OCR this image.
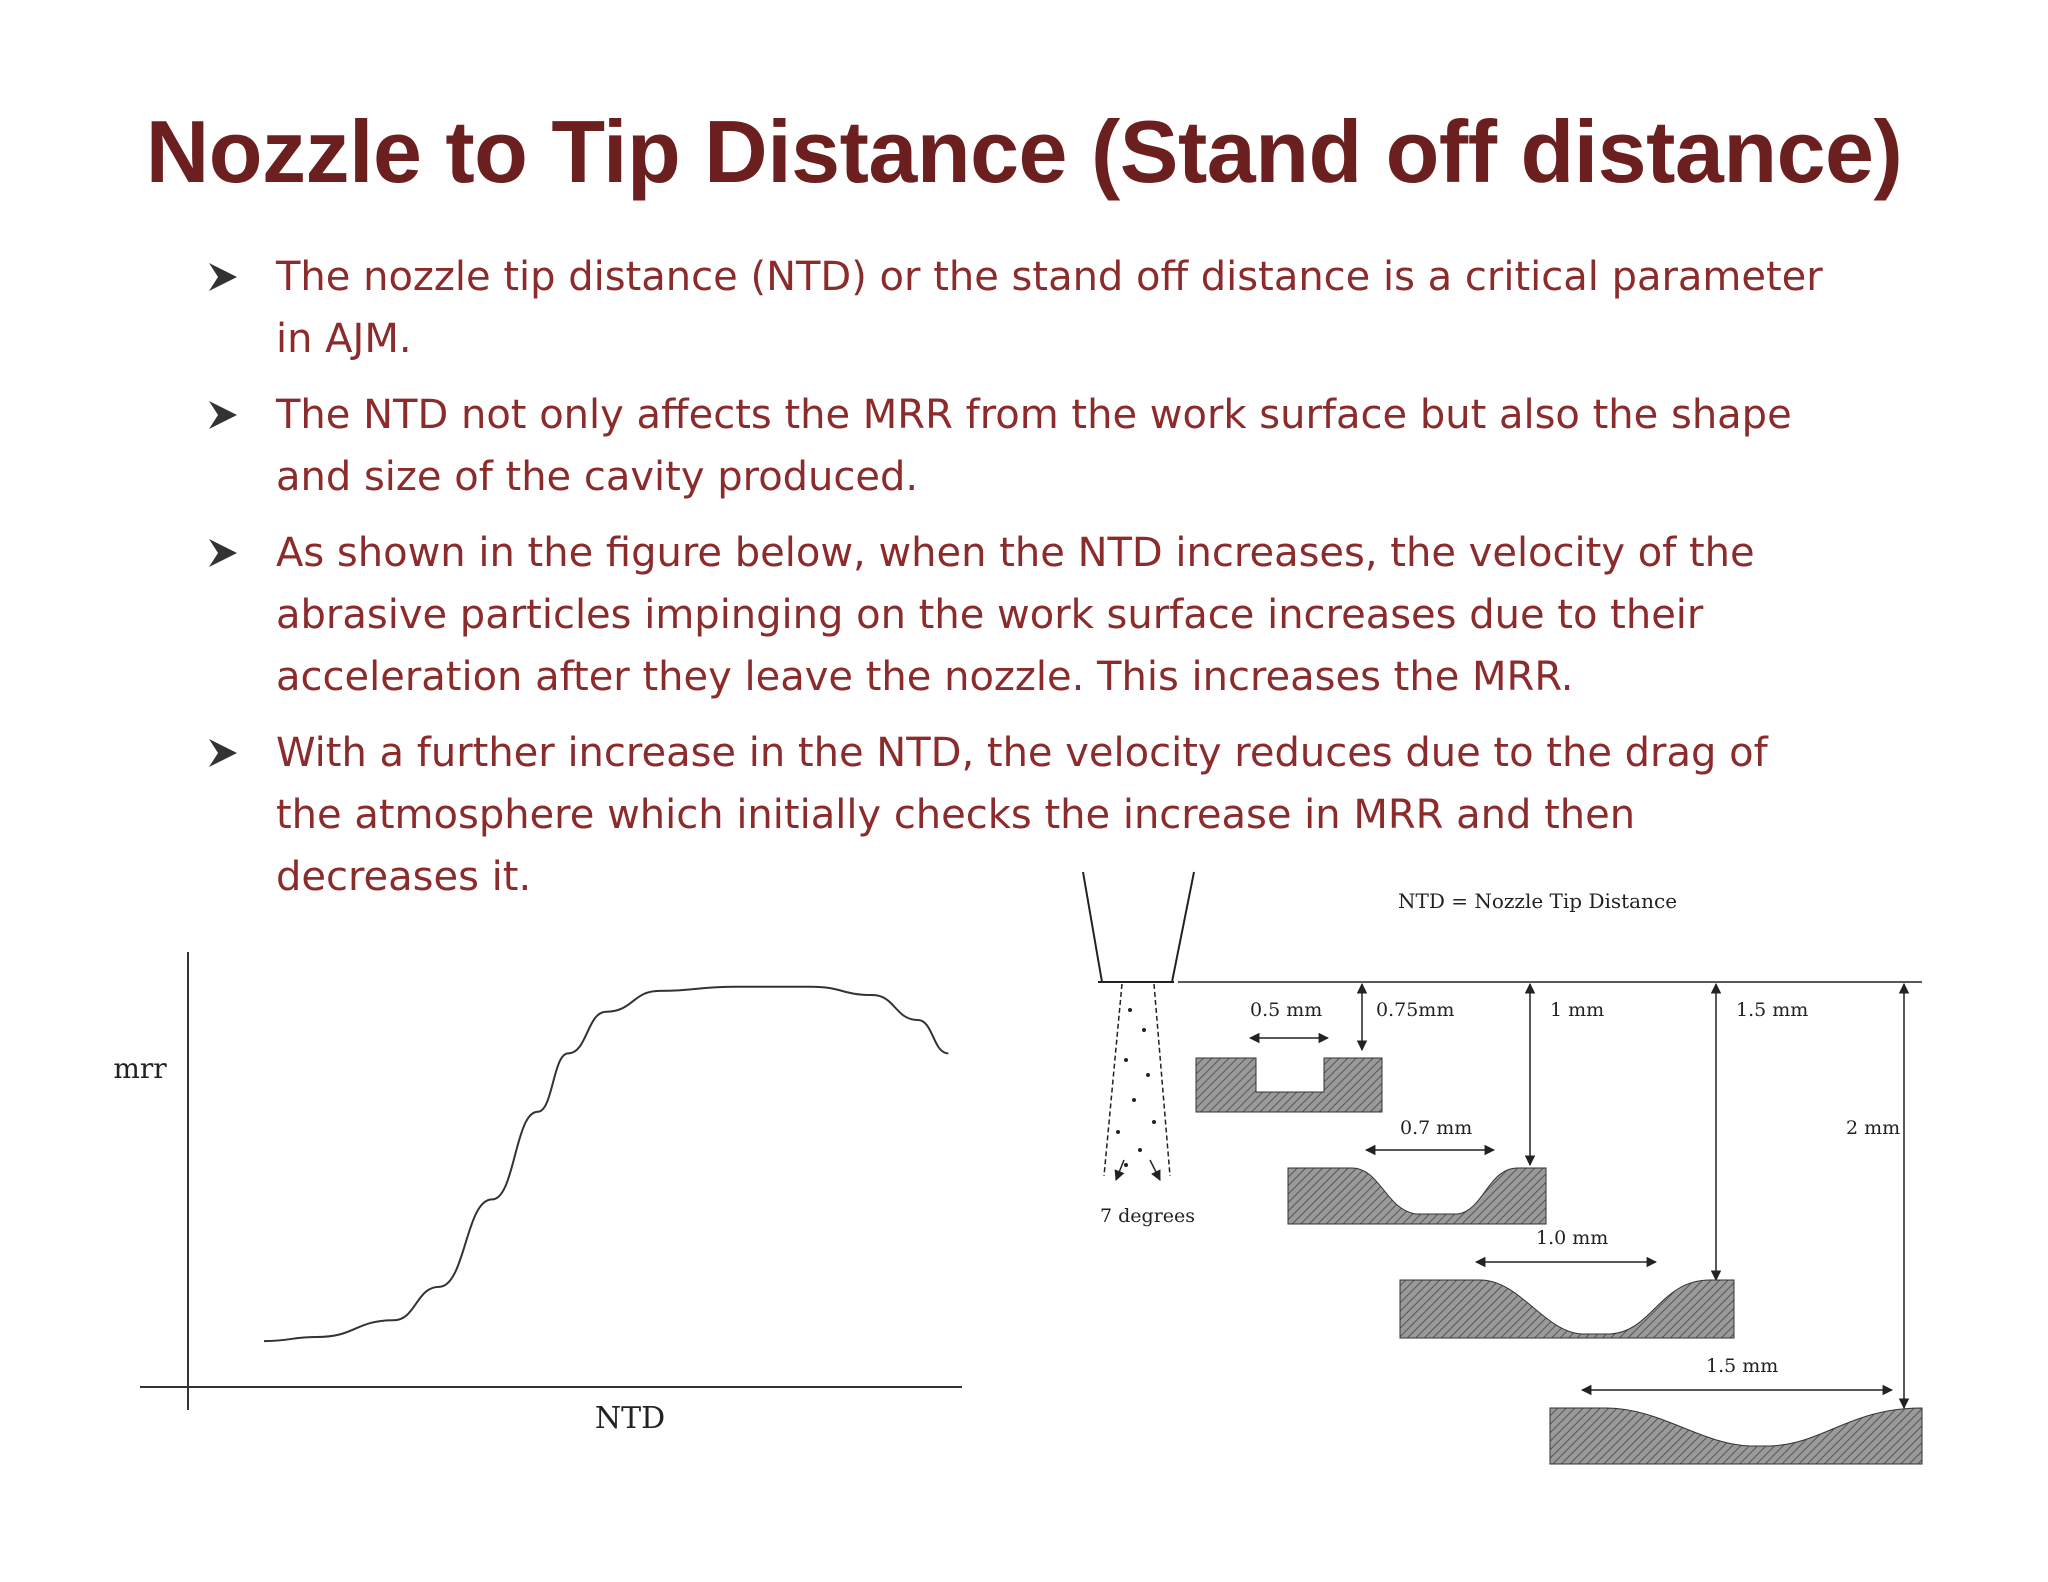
Nozzle to Tip Distance (Stand off distance)
The nozzle tip distance (NTD) or the stand off distance is a critical parameter in AJM.
The NTD not only affects the MRR from the work surface but also the shape and size of the cavity produced.
As shown in the figure below, when the NTD increases, the velocity of the abrasive particles impinging on the work surface increases due to their acceleration after they leave the nozzle. This increases the MRR.
With a further increase in the NTD, the velocity reduces due to the drag of the atmosphere which initially checks the increase in MRR and then decreases it.
mrr
NTD
NTD = Nozzle Tip Distance
7 degrees
0.75mm	1 mm	1.5 mm
2 mm
0.5 mm
0.7 mm
1.0 mm
1.5 mm
